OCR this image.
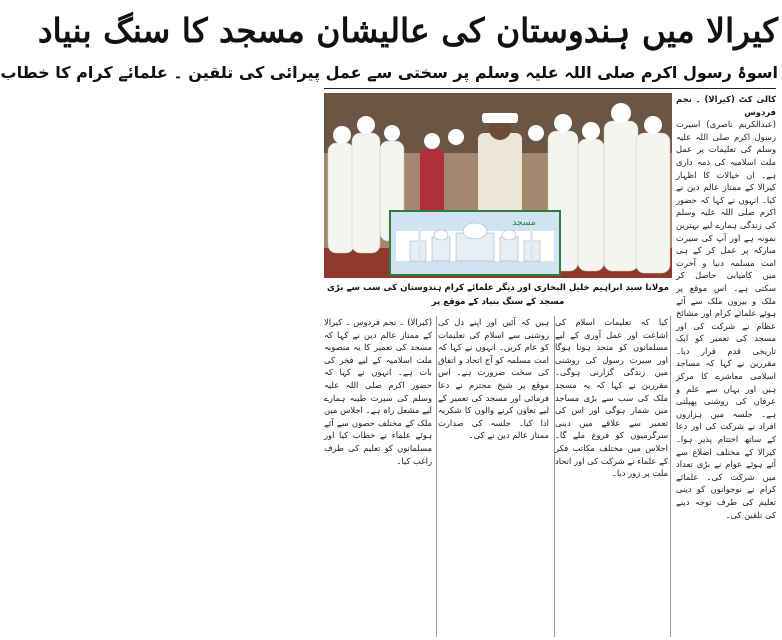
کیرالا میں ہندوستان کی عالیشان مسجد کا سنگ بنیاد
اسوۂ رسول اکرم صلی اللہ علیہ وسلم پر سختی سے عمل پیرائی کی تلقین ۔ علمائے کرام کا خطاب

کالی کٹ (کیرالا) ۔ نجم فردوس

(عبدالکریم ناصری) اسیرت رسول اکرم صلی اللہ علیہ وسلم کی تعلیمات پر عمل ملت اسلامیہ کی ذمہ داری ہے۔ ان خیالات کا اظہار کیرالا کے ممتاز عالم دین نے کیا۔ انہوں نے کہا کہ حضور اکرم صلی اللہ علیہ وسلم کی زندگی ہمارے لیے بہترین نمونہ ہے اور آپ کی سیرت مبارکہ پر عمل کر کے ہی امت مسلمہ دنیا و آخرت میں کامیابی حاصل کر سکتی ہے۔ اس موقع پر ملک و بیرون ملک سے آئے ہوئے علمائے کرام اور مشائخ عظام نے شرکت کی اور مسجد کی تعمیر کو ایک تاریخی قدم قرار دیا۔ مقررین نے کہا کہ مساجد اسلامی معاشرے کا مرکز ہیں اور یہاں سے علم و عرفان کی روشنی پھیلتی ہے۔ جلسہ میں ہزاروں افراد نے شرکت کی اور دعا کے ساتھ اختتام پذیر ہوا۔ کیرالا کے مختلف اضلاع سے آئے ہوئے عوام نے بڑی تعداد میں شرکت کی۔ علمائے کرام نے نوجوانوں کو دینی تعلیم کی طرف توجہ دینے کی تلقین کی۔

مسجد
مولانا سید ابراہیم خلیل البخاری اور دیگر علمائے کرام ہندوستان کی سب سے بڑی مسجد کے سنگ بنیاد کے موقع پر

کیا کہ تعلیمات اسلام کی اشاعت اور عمل آوری کے لیے مسلمانوں کو متحد ہونا ہوگا اور سیرت رسول کی روشنی میں زندگی گزارنی ہوگی۔ مقررین نے کہا کہ یہ مسجد ملک کی سب سے بڑی مساجد میں شمار ہوگی اور اس کی تعمیر سے علاقے میں دینی سرگرمیوں کو فروغ ملے گا۔ اجلاس میں مختلف مکاتب فکر کے علماء نے شرکت کی اور اتحاد ملت پر زور دیا۔

ہیں کہ آئیں اور اپنے دل کی روشنی سے اسلام کی تعلیمات کو عام کریں۔ انہوں نے کہا کہ امت مسلمہ کو آج اتحاد و اتفاق کی سخت ضرورت ہے۔ اس موقع پر شیخ محترم نے دعا فرمائی اور مسجد کی تعمیر کے لیے تعاون کرنے والوں کا شکریہ ادا کیا۔ جلسہ کی صدارت ممتاز عالم دین نے کی۔

(کیرالا) ۔ نجم فردوس ۔ کیرالا کے ممتاز عالم دین نے کہا کہ مسجد کی تعمیر کا یہ منصوبہ ملت اسلامیہ کے لیے فخر کی بات ہے۔ انہوں نے کہا کہ حضور اکرم صلی اللہ علیہ وسلم کی سیرت طیبہ ہمارے لیے مشعل راہ ہے۔ اجلاس میں ملک کے مختلف حصوں سے آئے ہوئے علماء نے خطاب کیا اور مسلمانوں کو تعلیم کی طرف راغب کیا۔
